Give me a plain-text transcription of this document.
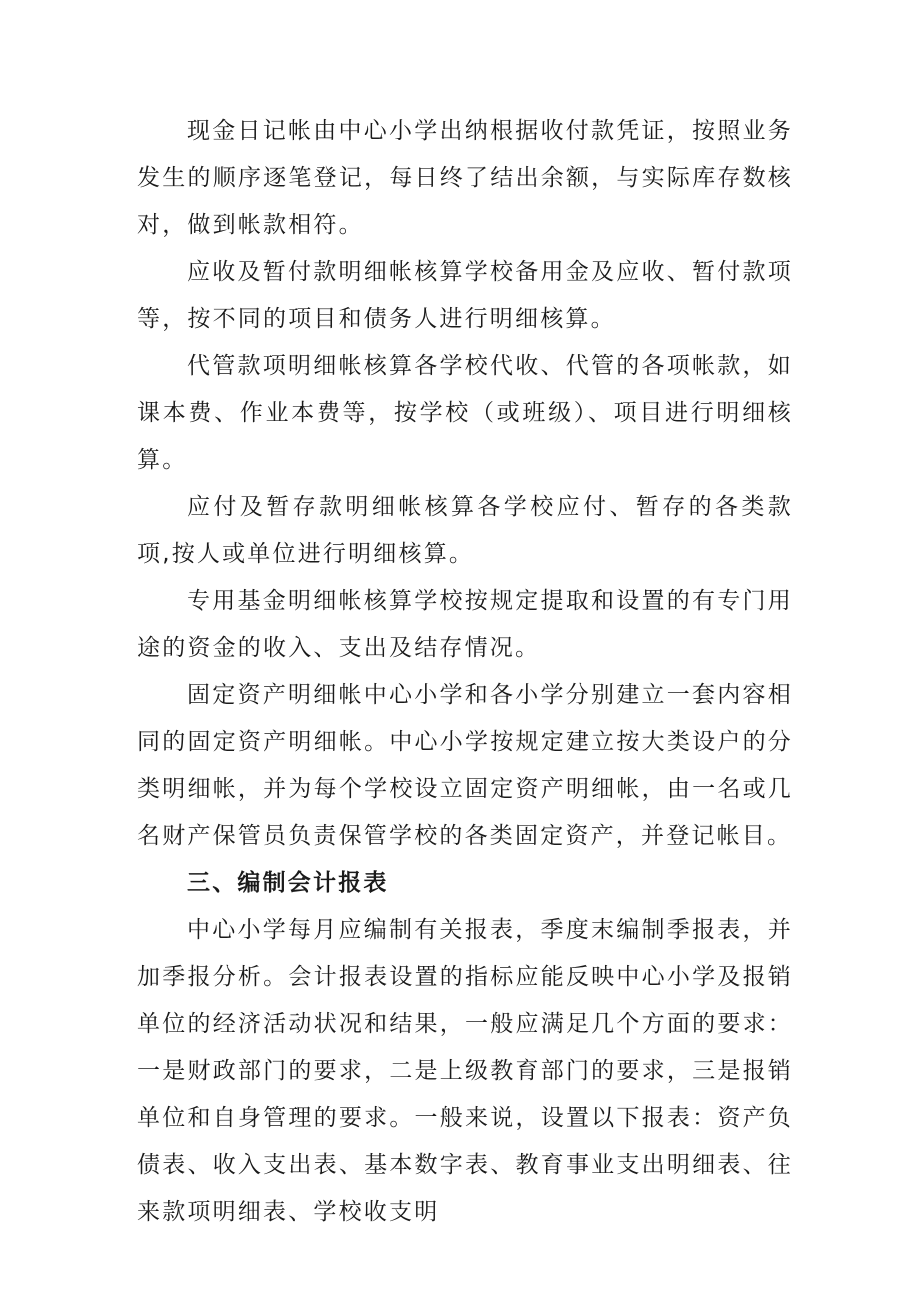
现金日记帐由中心小学出纳根据收付款凭证，按照业务发生的顺序逐笔登记，每日终了结出余额，与实际库存数核对，做到帐款相符。

应收及暂付款明细帐核算学校备用金及应收、暂付款项等，按不同的项目和债务人进行明细核算。

代管款项明细帐核算各学校代收、代管的各项帐款，如课本费、作业本费等，按学校（或班级）、项目进行明细核算。

应付及暂存款明细帐核算各学校应付、暂存的各类款项,按人或单位进行明细核算。

专用基金明细帐核算学校按规定提取和设置的有专门用途的资金的收入、支出及结存情况。

固定资产明细帐中心小学和各小学分别建立一套内容相同的固定资产明细帐。中心小学按规定建立按大类设户的分类明细帐，并为每个学校设立固定资产明细帐，由一名或几名财产保管员负责保管学校的各类固定资产，并登记帐目。

三、编制会计报表

中心小学每月应编制有关报表，季度末编制季报表，并加季报分析。会计报表设置的指标应能反映中心小学及报销单位的经济活动状况和结果，一般应满足几个方面的要求：一是财政部门的要求，二是上级教育部门的要求，三是报销单位和自身管理的要求。一般来说，设置以下报表：资产负债表、收入支出表、基本数字表、教育事业支出明细表、往来款项明细表、学校收支明
